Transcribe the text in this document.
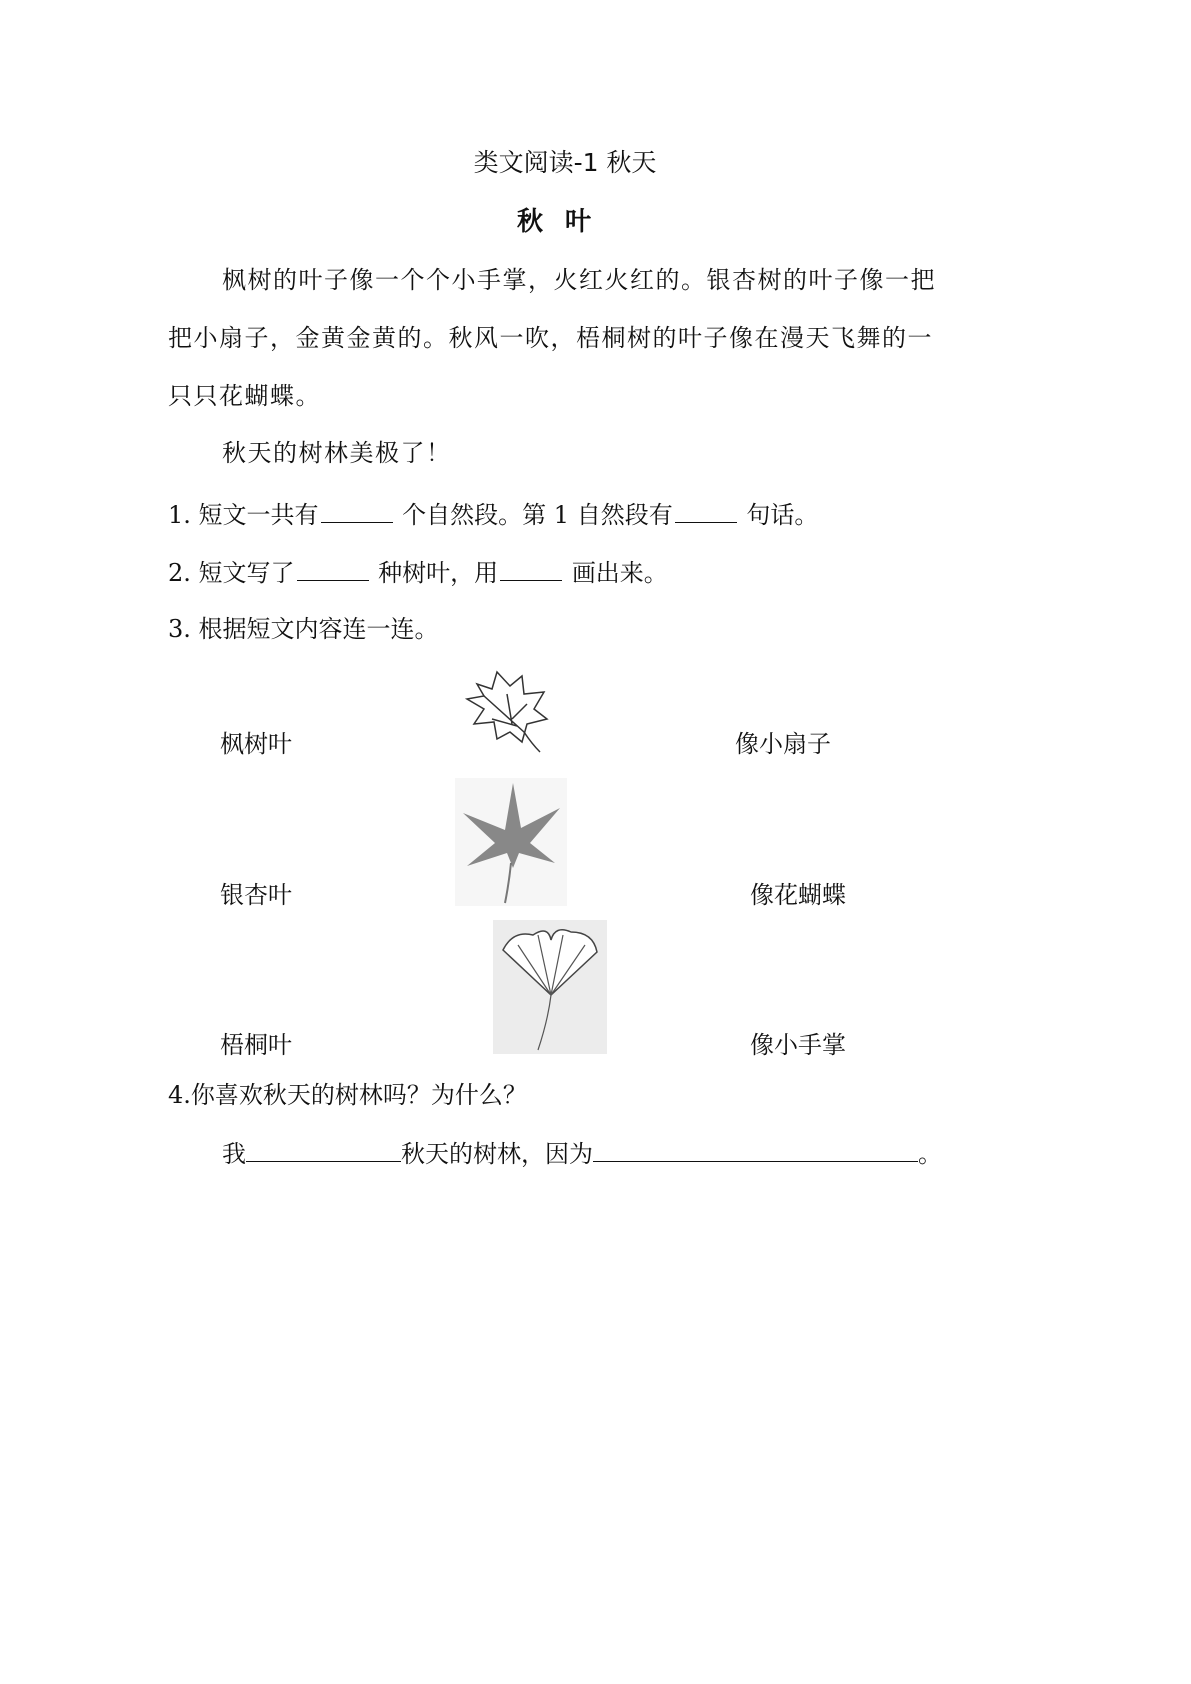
类文阅读-1 秋天
秋叶
枫树的叶子像一个个小手掌，火红火红的。银杏树的叶子像一把
把小扇子，金黄金黄的。秋风一吹，梧桐树的叶子像在漫天飞舞的一
只只花蝴蝶。
秋天的树林美极了！
1. 短文一共有	个自然段。第 1 自然段有	句话。
2. 短文写了	种树叶，用	画出来。
3. 根据短文内容连一连。
枫树叶
银杏叶
梧桐叶
像小扇子
像花蝴蝶
像小手掌
4.你喜欢秋天的树林吗？为什么？
我	秋天的树林，因为	。
